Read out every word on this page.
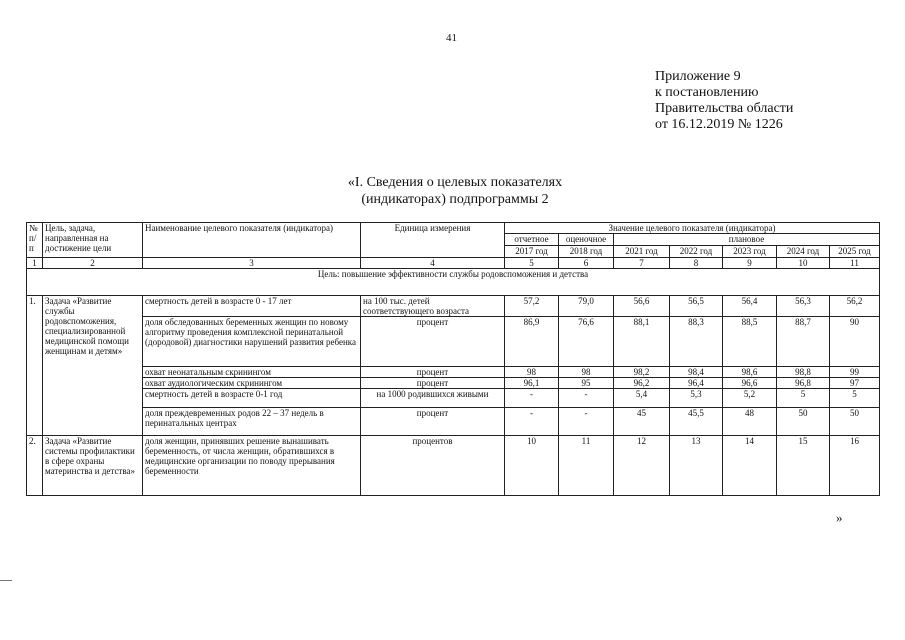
41
Приложение 9
к постановлению
Правительства области
от 16.12.2019 № 1226
«I. Сведения о целевых показателях
(индикаторах) подпрограммы 2
№ п/п	Цель, задача, направленная на достижение цели	Наименование целевого показателя (индикатора)	Единица измерения	Значение целевого показателя (индикатора)						
				отчетное	оценочное	плановое				
				2017 год	2018 год	2021 год	2022 год	2023 год	2024 год	2025 год
1	2	3	4	5	6	7	8	9	10	11
Цель: повышение эффективности службы родовспоможения и детства										
1.	Задача «Развитие службы родовспоможения, специализированной медицинской помощи женщинам и детям»	смертность детей в возрасте 0 - 17 лет	на 100 тыс. детей соответствующего возраста	57,2	79,0	56,6	56,5	56,4	56,3	56,2
		доля обследованных беременных женщин по новому алгоритму проведения комплексной перинатальной (дородовой) диагностики нарушений развития ребенка	процент	86,9	76,6	88,1	88,3	88,5	88,7	90
		охват неонатальным скринингом	процент	98	98	98,2	98,4	98,6	98,8	99
		охват аудиологическим скринингом	процент	96,1	95	96,2	96,4	96,6	96,8	97
		смертность детей в возрасте 0-1 год	на 1000 родившихся живыми	-	-	5,4	5,3	5,2	5	5
		доля преждевременных родов 22 – 37 недель в перинатальных центрах	процент	-	-	45	45,5	48	50	50
2.	Задача «Развитие системы профилактики в сфере охраны материнства и детства»	доля женщин, принявших решение вынашивать беременность, от числа женщин, обратившихся в медицинские организации по поводу прерывания беременности	процентов	10	11	12	13	14	15	16
»
